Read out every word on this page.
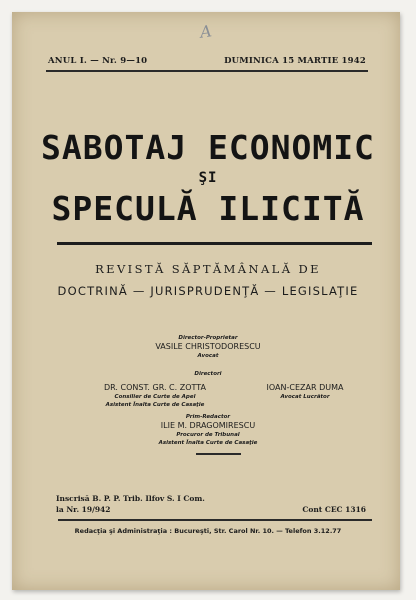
A
ANUL I. — Nr. 9—10	DUMINICA 15 MARTIE 1942
SABOTAJ ECONOMIC
ŞI
SPECULĂ ILICITĂ
REVISTĂ SĂPTĂMÂNALĂ DE
DOCTRINĂ — JURISPRUDENŢĂ — LEGISLAŢIE
Director-Proprietar
VASILE CHRISTODORESCU
Avocat
Directori
DR. CONST. GR. C. ZOTTA
Consilier de Curte de Apel
Asistent Înalta Curte de Casaţie
IOAN-CEZAR DUMA
Avocat Lucrător
Prim-Redactor
ILIE M. DRAGOMIRESCU
Procuror de Tribunal
Asistent Înalta Curte de Casaţie
Inscrisă B. P. P. Trib. Ilfov S. I Com.
la Nr. 19/942	Cont CEC 1316
Redacţia şi Administraţia : Bucureşti, Str. Carol Nr. 10. — Telefon 3.12.77
